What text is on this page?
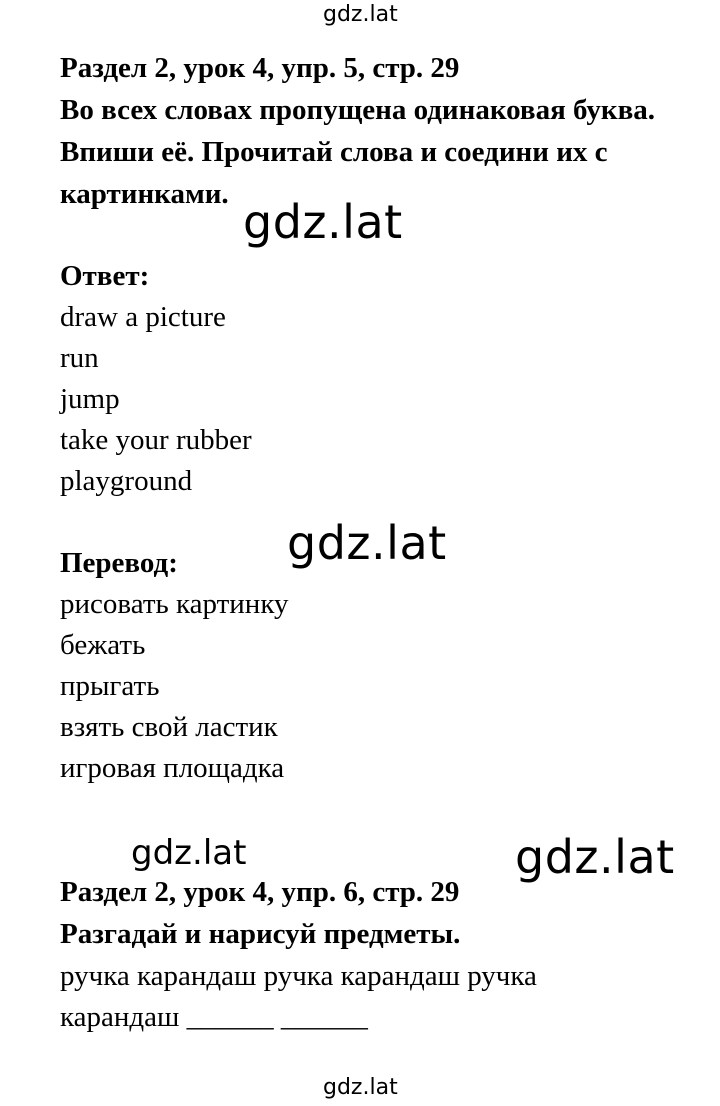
gdz.lat
gdz.lat
gdz.lat
gdz.lat	gdz.lat
gdz.lat
Раздел 2, урок 4, упр. 5, стр. 29
Во всех словах пропущена одинаковая буква.
Впиши её. Прочитай слова и соедини их с
картинками.
Ответ:
draw a picture
run
jump
take your rubber
playground
Перевод:
рисовать картинку
бежать
прыгать
взять свой ластик
игровая площадка
Раздел 2, урок 4, упр. 6, стр. 29
Разгадай и нарисуй предметы.
ручка карандаш ручка карандаш ручка
карандаш ______ ______
